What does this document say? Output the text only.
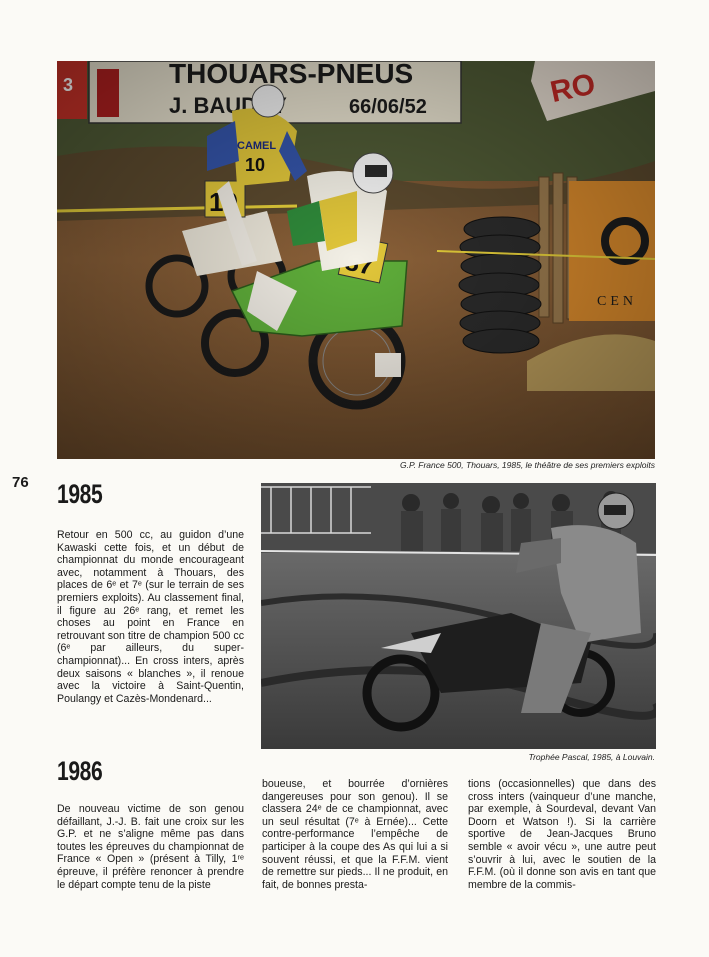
G.P. France 500, Thouars, 1985, le théâtre de ses premiers exploits
76 1985

Retour en 500 cc, au guidon d’une Kawaski cette fois, et un début de championnat du monde encourageant avec, notamment à Thouars, des places de 6ᵉ et 7ᵉ (sur le terrain de ses premiers exploits). Au classement final, il figure au 26ᵉ rang, et remet les choses au point en France en retrouvant son titre de champion 500 cc (6ᵉ par ailleurs, du super-championnat)... En cross inters, après deux saisons « blanches », il renoue avec la victoire à Saint-Quentin, Poulangy et Cazès-Mondenard...

Trophée Pascal, 1985, à Louvain.
1986

De nouveau victime de son genou défaillant, J.-J. B. fait une croix sur les G.P. et ne s’aligne même pas dans toutes les épreuves du championnat de France « Open » (présent à Tilly, 1ʳᵉ épreuve, il préfère renoncer à prendre le départ compte tenu de la piste

boueuse, et bourrée d’ornières dangereuses pour son genou). Il se classera 24ᵉ de ce championnat, avec un seul résultat (7ᵉ à Ernée)... Cette contre-performance l’empêche de participer à la coupe des As qui lui a si souvent réussi, et que la F.F.M. vient de remettre sur pieds... Il ne produit, en fait, de bonnes presta-

tions (occasionnelles) que dans des cross inters (vainqueur d’une manche, par exemple, à Sourdeval, devant Van Doorn et Watson !). Si la carrière sportive de Jean-Jacques Bruno semble « avoir vécu », une autre peut s’ouvrir à lui, avec le soutien de la F.F.M. (où il donne son avis en tant que membre de la commis-
